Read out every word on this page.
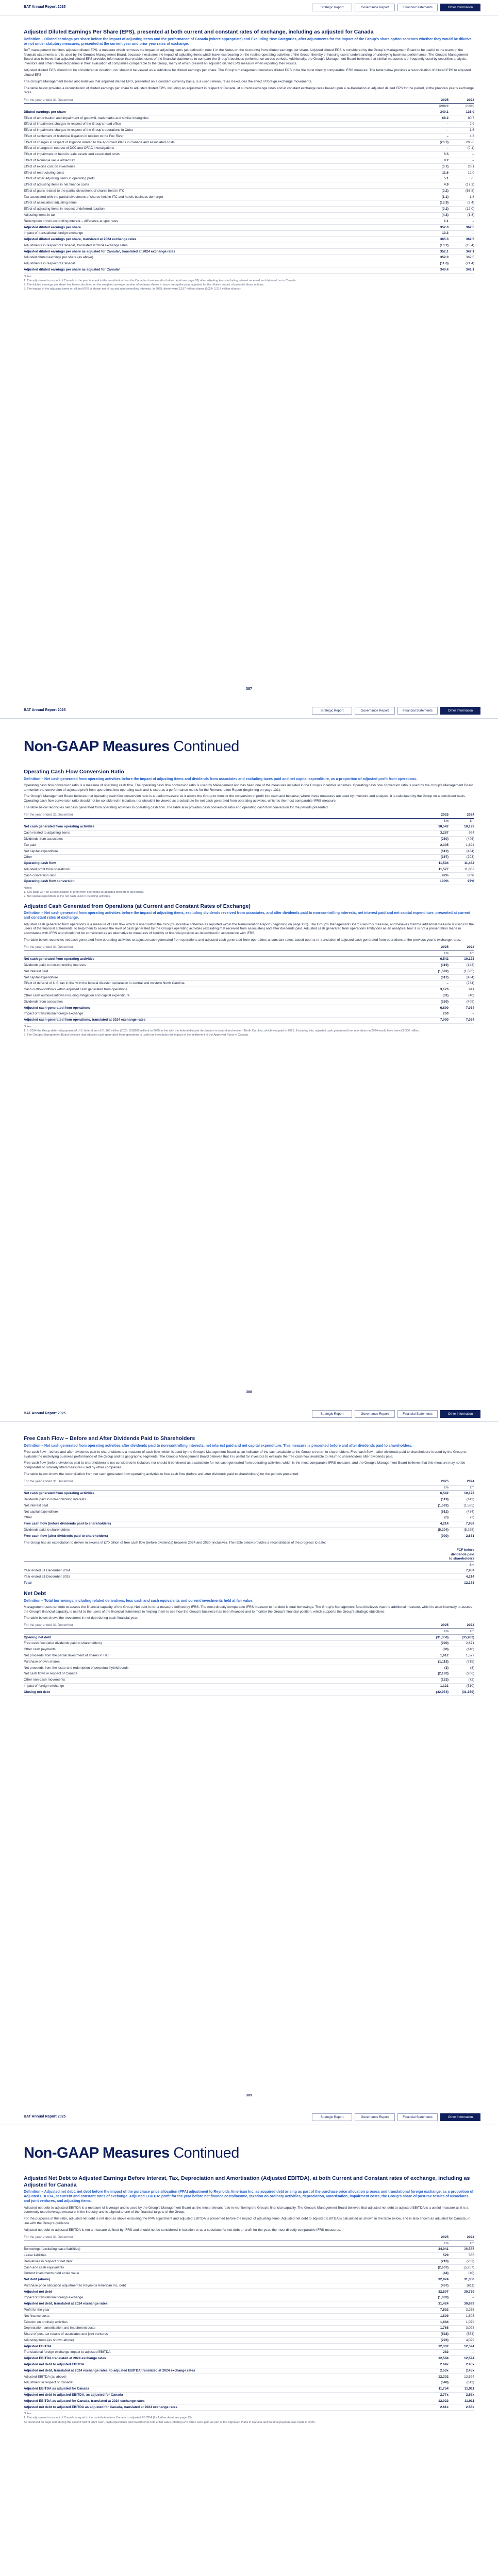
BAT Annual Report 2025	Strategic Report	Governance Report	Financial Statements	Other Information
Adjusted Diluted Earnings Per Share (EPS), presented at both current and constant rates of exchange, including as adjusted for Canada
Definition – Diluted earnings per share before the impact of adjusting items and the performance of Canada (where appropriate) and Excluding New Categories, after adjustments for the impact of the Group’s share option schemes whether they would be dilutive or not under statutory measures, presented at the current year and prior year rates of exchange.

BAT management monitors adjusted diluted EPS, a measure which removes the impact of adjusting items (as defined in note 1 in the Notes on the Accounts) from diluted earnings per share. Adjusted diluted EPS is considered by the Group’s Management Board to be useful to the users of the financial statements and is used by the Group’s Management Board, because it excludes the impact of adjusting items which have less bearing on the routine operating activities of the Group, thereby enhancing users’ understanding of underlying business performance. The Group’s Management Board also believes that adjusted diluted EPS provides information that enables users of the financial statements to compare the Group’s business performance across periods. Additionally, the Group’s Management Board believes that similar measures are frequently used by securities analysts, investors and other interested parties in their evaluation of companies comparable to the Group, many of which present an adjusted diluted EPS measure when reporting their results.

Adjusted diluted EPS should not be considered in isolation, nor should it be viewed as a substitute for diluted earnings per share. The Group’s management considers diluted EPS to be the most directly comparable IFRS measure. The table below provides a reconciliation of diluted EPS to adjusted diluted EPS.

The Group’s Management Board also believes that adjusted diluted EPS, presented on a constant currency basis, is a useful measure as it excludes the effect of foreign exchange movements.

The table below provides a reconciliation of diluted earnings per share to adjusted diluted EPS, including an adjustment in respect of Canada, at current exchange rates and at constant exchange rates based upon a re-translation at adjusted diluted EPS for the period, at the previous year’s exchange rates.

For the year ended 31 December	2025	2024
	pence	pence
Diluted earnings per share	340.1	136.0
Effect of amortisation and impairment of goodwill, trademarks and similar intangibles	68.2	80.7
Effect of impairment charges in respect of the Group’s head office	–	2.9
Effect of impairment charges in respect of the Group’s operations in Cuba	–	1.6
Effect of settlement of historical litigation in relation to the Fox River	–	4.3
Effect of charges in respect of litigation related to the Approved Plans in Canada and associated costs	(23.7)	265.6
Effect of changes in respect of DOJ and OFAC investigations	–	(0.1)
Effect of impairment of held-for-sale assets and associated costs	5.5	–
Effect of Romania value added tax	8.2	–
Effect of excise cost on inventories	(0.7)	20.1
Effect of restructuring costs	11.6	12.0
Effect of other adjusting items in operating profit	5.1	5.5
Effect of adjusting items in net finance costs	4.9	(17.3)
Effect of gains related to the partial divestment of shares held in ITC	(0.2)	(56.8)
Tax associated with the partial divestment of shares held in ITC and hotels business demerger	(1.1)	1.8
Effect of associates’ adjusting items	(13.9)	(2.4)
Effect of adjusting items in respect of deferred taxation	(9.2)	(12.0)
Adjusting items in tax	(4.3)	(1.3)
Redemption of non-controlling interest – difference at spot rates	1.1	–
Adjusted diluted earnings per share	352.0	362.5
Impact of translational foreign exchange	13.3	–
Adjusted diluted earnings per share, translated at 2024 exchange rates	365.3	362.5
Adjustments in respect of Canada¹, translated at 2024 exchange rates	(13.2)	(15.4)
Adjusted diluted earnings per share as adjusted for Canada¹, translated at 2024 exchange rates	352.1	347.1
Adjusted diluted earnings per share (as above)	352.0	362.5
Adjustments in respect of Canada¹	(11.6)	(21.4)
Adjusted diluted earnings per share as adjusted for Canada¹	340.4	341.1
Notes:
1. The adjustment in respect of Canada in the year is equal to the contribution from the Canadian business (for further detail see page 93) after adjusting items including interest received and deferred tax in Canada.
2. The diluted earnings per share has been calculated on the weighted average number of ordinary shares in issue during the year, adjusted for the dilutive impact of potential share options.
3. The impact of the adjusting items on diluted EPS is shown net of tax and non-controlling interests. In 2025, these were 2,197 million shares (2024: 2,217 million shares).
387
BAT Annual Report 2025	Strategic Report	Governance Report	Financial Statements	Other Information
Non-GAAP Measures Continued
Operating Cash Flow Conversion Ratio
Definition – Net cash generated from operating activities before the impact of adjusting items and dividends from associates and excluding taxes paid and net capital expenditure, as a proportion of adjusted profit from operations.

Operating cash flow conversion ratio is a measure of operating cash flow. The operating cash flow conversion ratio is used by Management and has been one of the measures included in the Group’s incentive schemes. Operating cash flow conversion ratio is used by the Group’s Management Board to monitor the conversion of adjusted profit from operations into operating cash and is used as a performance metric for the Remuneration Report (beginning on page 131).

The Group’s Management Board believes that operating cash flow conversion ratio is a useful measure as it allows the Group to monitor the conversion of profit into cash and because, where these measures are used by investors and analysts, it is calculated by the Group on a consistent basis. Operating cash flow conversion ratio should not be considered in isolation, nor should it be viewed as a substitute for net cash generated from operating activities, which is the most comparable IFRS measure.

The table below reconciles net cash generated from operating activities to operating cash flow. The table also provides cash conversion ratio and operating cash flow conversion for the periods presented.

For the year ended 31 December	2025	2024
	£m	£m
Net cash generated from operating activities	10,542	10,123
Cash related to adjusting items	3,287	924
Dividends from associates	(260)	(406)
Tax paid	2,305	1,894
Net capital expenditure	(612)	(434)
Other	(167)	(203)
Operating cash flow	11,594	11,484
Adjusted profit from operations¹	11,577	11,862
Cash conversion ratio	92%	80%
Operating cash flow conversion	100%	97%
Notes:
1. See page 367 for a reconciliation of profit from operations to adjusted profit from operations.
2. Net capital expenditure is the net cash used in investing activities.
Adjusted Cash Generated from Operations (at Current and Constant Rates of Exchange)
Definition – Net cash generated from operating activities before the impact of adjusting items, excluding dividends received from associates, and after dividends paid to non-controlling interests, net interest paid and net capital expenditure, presented at current and constant rates of exchange.

Adjusted cash generated from operations is a measure of cash flow which is used within the Group’s incentive schemes as reported within the Remuneration Report (beginning on page 131). The Group’s Management Board uses this measure, and believes that the additional measure is useful to the users of the financial statements, to help them to assess the level of cash generated by the Group’s operating activities (excluding that received from associates) and after dividends paid. Adjusted cash generated from operations limitations as an analytical tool: it is not a presentation made in accordance with IFRS and should not be considered as an alternative to measures of liquidity or financial position as determined in accordance with IFRS.

The table below reconciles net cash generated from operating activities to adjusted cash generated from operations and adjusted cash generated from operations at constant rates, based upon a re-translation of adjusted cash generated from operations at the previous year’s exchange rates.

For the year ended 31 December	2025	2024
	£m	£m
Net cash generated from operating activities	6,542	10,123
Dividends paid to non-controlling interests	(119)	(143)
Net interest paid	(1,592)	(1,585)
Net capital expenditure	(612)	(434)
Effect of deferral of U.S. tax in line with the federal disaster declaration in central and western North Carolina	–	(734)
Cash outflows/inflows within adjusted cash generated from operations	3,176	941
Other cash outflows/inflows including mitigation and capital expenditure	(31)	(40)
Dividends from associates	(260)	(409)
Adjusted cash generated from operations	6,890	7,034
Impact of translational foreign exchange	200	–
Adjusted cash generated from operations, translated at 2024 exchange rates	7,090	7,034
Notes:
1. In 2024 the Group deferred payment of U.S. federal tax of £1,109 million (2025: US$989 million) to 2025 in line with the federal disaster declaration in central and western North Carolina, which was paid in 2025. Excluding this, adjusted cash generated from operations in 2024 would have been £6,300 million.
2. The Group’s Management Board believes that adjusted cash generated from operations is useful as it excludes the impact of the settlement of the Approved Plans in Canada.
388
BAT Annual Report 2025	Strategic Report	Governance Report	Financial Statements	Other Information
Free Cash Flow – Before and After Dividends Paid to Shareholders
Definition – Net cash generated from operating activities after dividends paid to non-controlling interests, net interest paid and net capital expenditure. This measure is presented before and after dividends paid to shareholders.

Free cash flow – before and after dividends paid to shareholders is a measure of cash flow, which is used by the Group’s Management Board as an indicator of the cash available to the Group to return to shareholders. Free cash flow – after dividends paid to shareholders is used by the Group to evaluate the underlying business performance of the Group and its geographic segments. The Group’s Management Board believes that it is useful for investors to evaluate the free cash flow available to return to shareholders after dividends paid.

Free cash flow (before dividends paid to shareholders) is not considered in isolation, nor should it be viewed as a substitute for net cash generated from operating activities, which is the most comparable IFRS measure, and the Group’s Management Board believes that this measure may not be comparable to similarly titled measures used by other companies.

The table below shows the reconciliation from net cash generated from operating activities to free cash flow (before and after dividends paid to shareholders) for the periods presented.

For the year ended 31 December	2025	2024
	£m	£m
Net cash generated from operating activities	6,542	10,123
Dividends paid to non-controlling interests	(119)	(143)
Net interest paid	(1,592)	(1,585)
Net capital expenditure	(612)	(434)
Other	(5)	(2)
Free cash flow (before dividends paid to shareholders)	4,214	7,959
Dividends paid to shareholders	(5,204)	(5,288)
Free cash flow (after dividends paid to shareholders)	(990)	2,671

The Group has an expectation to deliver in excess of £70 billion of free cash flow (before dividends) between 2024 and 2030 (inclusive). The table below provides a reconciliation of the progress to date:

	FCF before dividends paid to shareholders
	£m
Year ended 31 December 2024	7,959
Year ended 31 December 2025	4,214
Total	12,173
Net Debt
Definition – Total borrowings, including related derivatives, less cash and cash equivalents and current investments held at fair value.

Management uses net debt to assess the financial capacity of the Group. Net debt is not a measure defined by IFRS. The most directly comparable IFRS measure to net debt is total borrowings. The Group’s Management Board believes that the additional measure, which is used internally to assess the Group’s financial capacity, is useful to the users of the financial statements in helping them to see how the Group’s business has been financed and to monitor the Group’s financial position, which supports the Group’s strategic objectives.

The table below shows the movement in net debt during each financial year.

For the year ended 31 December	2025	2024
	£m	£m
Opening net debt	(31,350)	(35,982)
Free cash flow (after dividends paid to shareholders)	(990)	2,671
Other cash payments	(80)	(140)
Net proceeds from the partial divestment of shares in ITC	1,612	1,577
Purchase of own shares	(1,118)	(715)
Net proceeds from the issue and redemption of perpetual hybrid bonds	(3)	(3)
Net cash flows in respect of Canada	(2,183)	(206)
Other non-cash movements	(123)	(72)
Impact of foreign exchange	1,121	(510)
Closing net debt	(32,974)	(31,350)
389
BAT Annual Report 2025	Strategic Report	Governance Report	Financial Statements	Other Information
Non-GAAP Measures Continued
Adjusted Net Debt to Adjusted Earnings Before Interest, Tax, Depreciation and Amortisation (Adjusted EBITDA), at both Current and Constant rates of exchange, including as Adjusted for Canada
Definition – Adjusted net debt: net debt before the impact of the purchase price allocation (PPA) adjustment to Reynolds American Inc. as acquired debt arising as part of the purchase price allocation process and translational foreign exchange, as a proportion of Adjusted EBITDA, at current and constant rates of exchange. Adjusted EBITDA: profit for the year before net finance costs/income, taxation on ordinary activities, depreciation, amortisation, impairment costs, the Group’s share of post-tax results of associates and joint ventures, and adjusting items.

Adjusted net debt to adjusted EBITDA is a measure of leverage and is used by the Group’s Management Board as the most relevant ratio in monitoring the Group’s financial capacity. The Group’s Management Board believes that adjusted net debt to adjusted EBITDA is a useful measure as it is a commonly used leverage measure in the industry and is aligned to one of the financial targets of the Group.

For the purposes of this ratio, adjusted net debt is net debt as above excluding the PPA adjustment and adjusted EBITDA is presented before the impact of adjusting items. Adjusted net debt to adjusted EBITDA is calculated as shown in the table below, and is also shown as adjusted for Canada, in line with the Group’s guidance.

Adjusted net debt to adjusted EBITDA is not a measure defined by IFRS and should not be considered in isolation or as a substitute for net debt or profit for the year, the most directly comparable IFRS measures.

For the year ended 31 December	2025	2024
	£m	£m
Borrowings (excluding lease liabilities)	34,941	36,585
Lease liabilities	529	565
Derivatives in respect of net debt	(210)	(203)
Cash and cash equivalents	(2,607)	(5,257)
Current investments held at fair value	(44)	(40)
Net debt (above)	32,974	31,350
Purchase price allocation adjustment to Reynolds American Inc. debt	(467)	(611)
Adjusted net debt	32,507	30,739
Impact of translational foreign exchange	(1,083)	–
Adjusted net debt, translated at 2024 exchange rates	31,424	30,693
Profit for the year	7,592	3,266
Net finance costs	1,809	1,603
Taxation on ordinary activities	1,884	1,079
Depreciation, amortisation and impairment costs	1,768	3,028
Share of post-tax results of associates and joint ventures	(528)	(554)
Adjusting items (as shown above)	(226)	4,029
Adjusted EBITDA	12,302	12,524
Translational foreign exchange impact to adjusted EBITDA	282	–
Adjusted EBITDA translated at 2024 exchange rates	12,584	12,524
Adjusted net debt to adjusted EBITDA	2.64x	2.45x
Adjusted net debt, translated at 2024 exchange rates, to adjusted EBITDA translated at 2024 exchange rates	2.50x	2.45x
Adjusted EBITDA (as above)	12,302	12,524
Adjustment in respect of Canada¹	(548)	(613)
Adjusted EBITDA as adjusted for Canada	11,754	11,911
Adjusted net debt to adjusted EBITDA, as adjusted for Canada	2.77x	2.58x
Adjusted EBITDA as adjusted for Canada, translated at 2024 exchange rates	12,022	11,911
Adjusted net debt to adjusted EBITDA as adjusted for Canada, translated at 2024 exchange rates	2.61x	2.58x
Notes:
1. The adjustment in respect of Canada is equal to the contribution from Canada to adjusted EBITDA (for further detail see page 93).
As disclosed on page 308, during the second half of 2025 cash, cash equivalents and investments held at fair value totalling £2.6 billion were paid as part of the Approved Plans in Canada and the final payment was made in 2026.
